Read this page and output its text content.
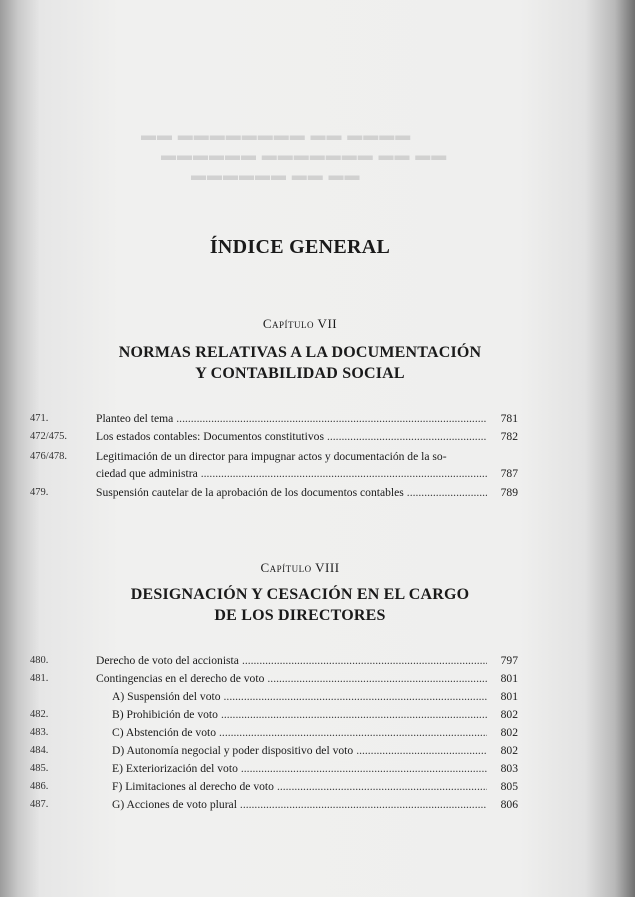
▬▬▬▬ ▬▬ ▬▬▬▬▬▬▬▬ ▬▬
▬▬ ▬▬ ▬▬▬▬▬▬▬ ▬▬▬▬▬▬
▬▬ ▬▬ ▬▬▬▬▬▬
ÍNDICE GENERAL
Capítulo VII
NORMAS RELATIVAS A LA DOCUMENTACIÓN
Y CONTABILIDAD SOCIAL
471.	Planteo del tema .....	781
472/475. Los estados contables: Documentos constitutivos .....	782
476/478. Legitimación de un director para impugnar actos y documentación de la so-
ciedad que administra .....	787
479.	Suspensión cautelar de la aprobación de los documentos contables .....	789
Capítulo VIII
DESIGNACIÓN Y CESACIÓN EN EL CARGO
DE LOS DIRECTORES
480.	Derecho de voto del accionista .....	797
481.	Contingencias en el derecho de voto .....	801
A) Suspensión del voto .....	801
482.	B) Prohibición de voto .....	802
483.	C) Abstención de voto .....	802
484.	D) Autonomía negocial y poder dispositivo del voto .....	802
485.	E) Exteriorización del voto .....	803
486.	F) Limitaciones al derecho de voto .....	805
487.	G) Acciones de voto plural .....	806
